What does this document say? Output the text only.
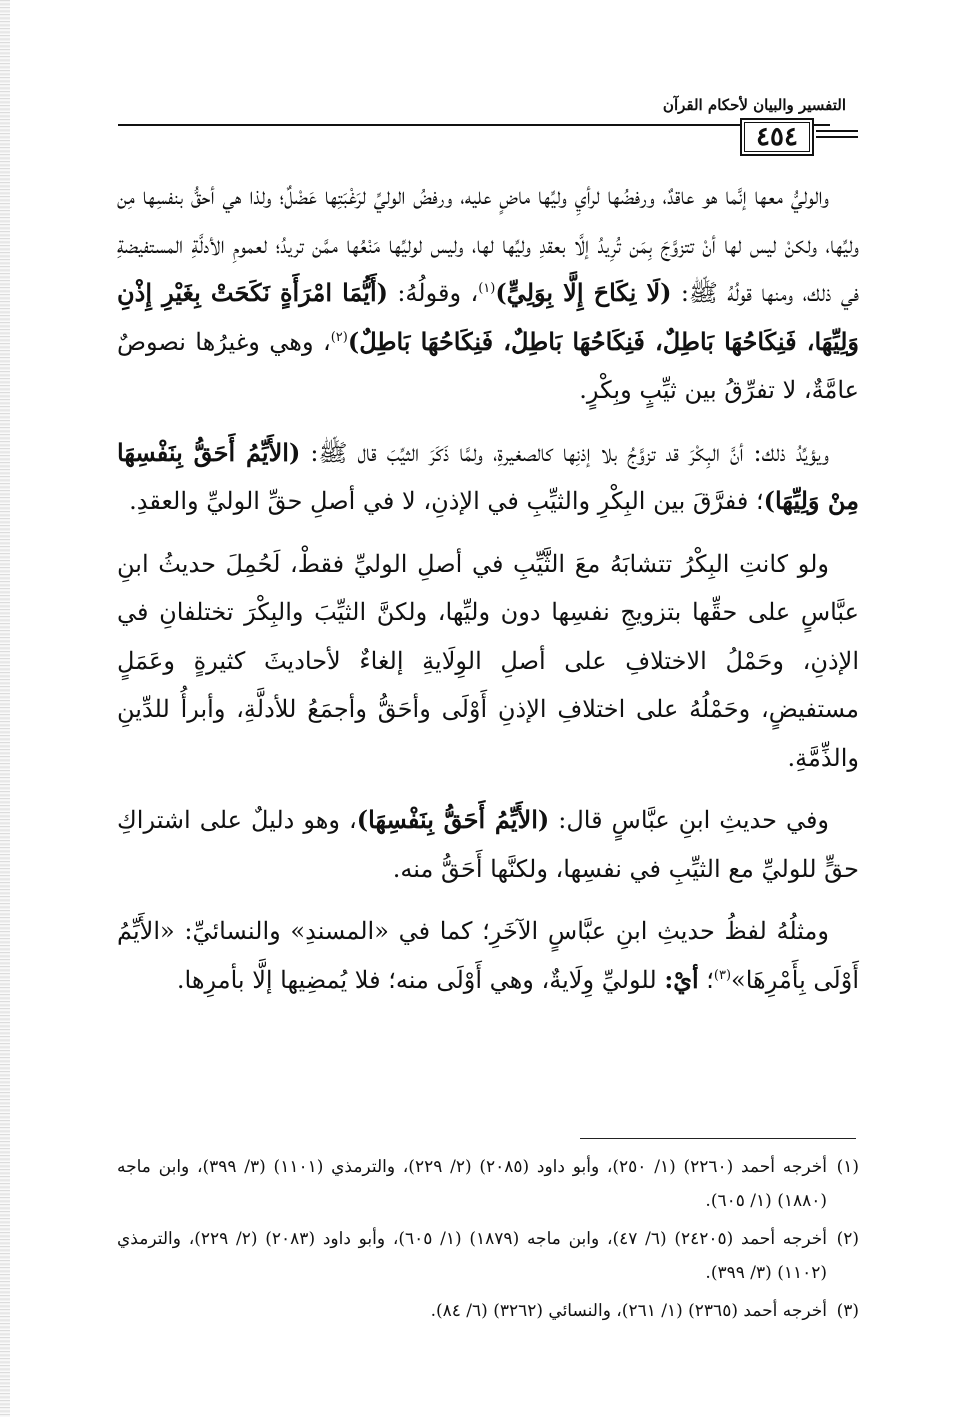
التفسير والبيان لأحكام القرآن
٤٥٤

والوليُّ معها إنَّما هو عاقدٌ، ورفضُها لرأيِ وليِّها ماضٍ عليه، ورفضُ الوليِّ لرَغْبَتِها عَضْلٌ؛ ولذا هي أحقُّ بنفسِها مِن وليِّها، ولكنْ ليس لها أنْ تتزوَّجَ بِمَن تُرِيدُ إلَّا بعقدِ وليِّها لها، وليس لوليِّها مَنْعُها ممَّن تريدُ؛ لعمومِ الأدلَّةِ المستفيضةِ في ذلك، ومنها قولُهُ ﷺ: (لَا نِكَاحَ إِلَّا بِوَلِيٍّ)$^{(١)}$، وقولُهُ: (أَيُّمَا امْرَأَةٍ نَكَحَتْ بِغَيْرِ إِذْنِ وَلِيِّهَا، فَنِكَاحُهَا بَاطِلٌ، فَنِكَاحُهَا بَاطِلٌ، فَنِكَاحُهَا بَاطِلٌ)$^{(٢)}$، وهي وغيرُها نصوصٌ عامَّةٌ، لا تفرِّقُ بين ثيِّبٍ وبِكْرٍ.

ويؤيِّدُ ذلك: أنَّ البِكْرَ قد تزوَّجُ بلا إذنِها كالصغيرةِ، ولمَّا ذَكَرَ الثيِّبَ قال ﷺ: (الأَيِّمُ أَحَقُّ بِنَفْسِهَا مِنْ وَلِيِّهَا)؛ ففرَّقَ بين البِكْرِ والثيِّبِ في الإذنِ، لا في أصلِ حقِّ الوليِّ والعقدِ.

ولو كانتِ البِكْرُ تتشابَهُ معَ الثَّيِّبِ في أصلِ الوليِّ فقطْ، لَحُمِلَ حديثُ ابنِ عبَّاسٍ على حقِّها بتزويجِ نفسِها دون وليِّها، ولكنَّ الثيِّبَ والبِكْرَ تختلفانِ في الإذنِ، وحَمْلُ الاختلافِ على أصلِ الوِلَايةِ إلغاءٌ لأحاديثَ كثيرةٍ وعَمَلٍ مستفيضٍ، وحَمْلُهُ على اختلافِ الإذنِ أَوْلَى وأحَقُّ وأجمَعُ للأدلَّةِ، وأبرأُ للدِّينِ والذِّمَّةِ.

وفي حديثِ ابنِ عبَّاسٍ قال: (الأَيِّمُ أَحَقُّ بِنَفْسِهَا)، وهو دليلٌ على اشتراكِ حقٍّ للوليِّ مع الثيِّبِ في نفسِها، ولكنَّها أَحَقُّ منه.

ومثلُهُ لفظُ حديثِ ابنِ عبَّاسٍ الآخَرِ؛ كما في «المسندِ» والنسائيِّ: «الأَيِّمُ أَوْلَى بِأَمْرِهَا»$^{(٣)}$؛ أيْ: للوليِّ وِلَايةٌ، وهي أَوْلَى منه؛ فلا يُمضِيها إلَّا بأمرِها.

(١)
أخرجه أحمد (٢٢٦٠) (١/ ٢٥٠)، وأبو داود (٢٠٨٥) (٢/ ٢٢٩)، والترمذي (١١٠١) (٣/ ٣٩٩)، وابن ماجه (١٨٨٠) (١/ ٦٠٥).
(٢)
أخرجه أحمد (٢٤٢٠٥) (٦/ ٤٧)، وابن ماجه (١٨٧٩) (١/ ٦٠٥)، وأبو داود (٢٠٨٣) (٢/ ٢٢٩)، والترمذي (١١٠٢) (٣/ ٣٩٩).
(٣)
أخرجه أحمد (٢٣٦٥) (١/ ٢٦١)، والنسائي (٣٢٦٢) (٦/ ٨٤).
